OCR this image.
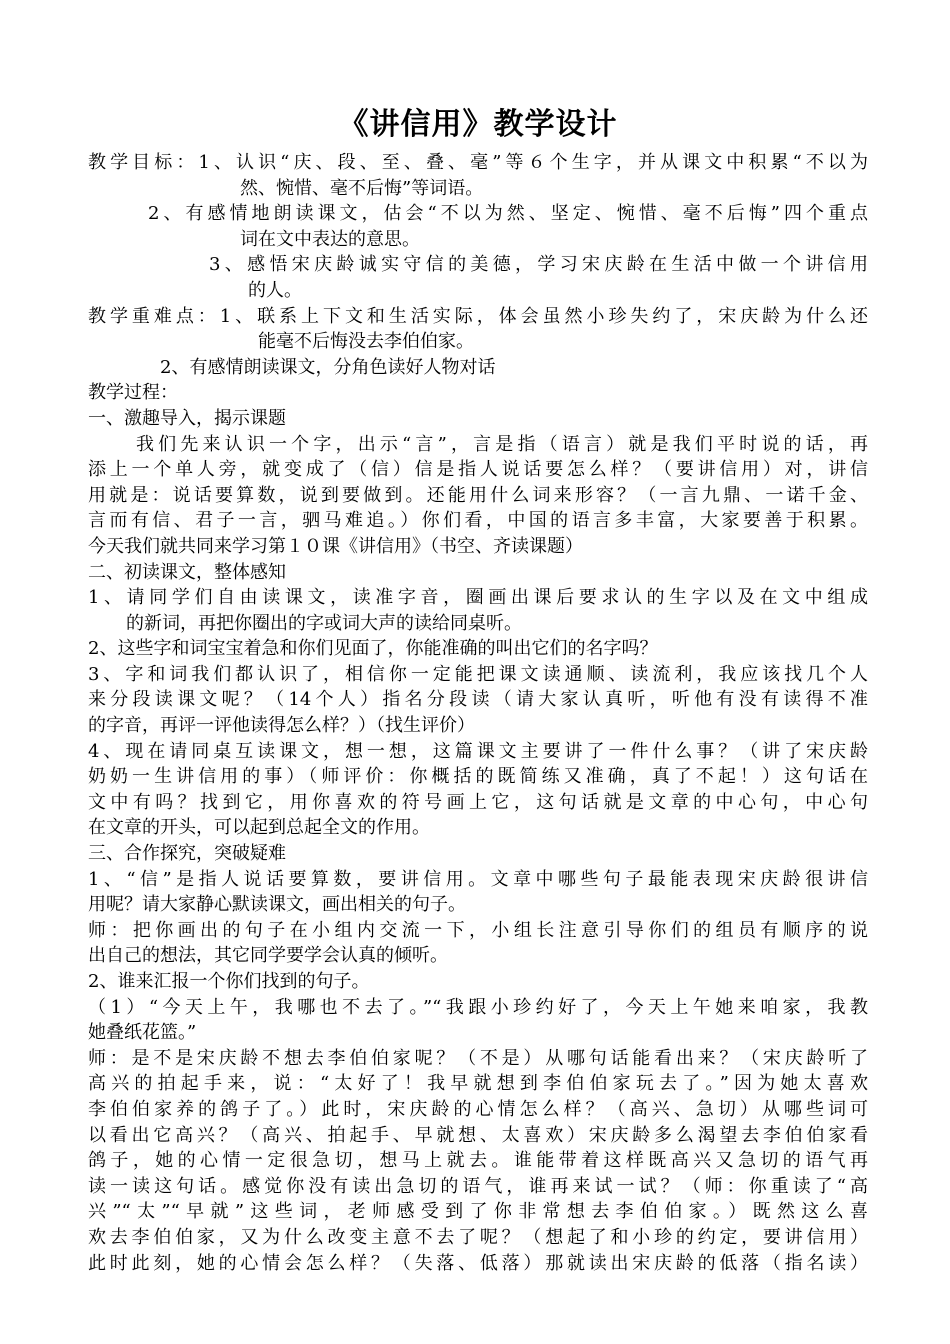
《讲信用》教学设计
教学目标：1、认识“庆、段、至、叠、毫”等６个生字，并从课文中积累“不以为
然、惋惜、毫不后悔”等词语。
2、有感情地朗读课文，估会“不以为然、坚定、惋惜、毫不后悔”四个重点
词在文中表达的意思。
3、感悟宋庆龄诚实守信的美德，学习宋庆龄在生活中做一个讲信用
的人。
教学重难点：1、联系上下文和生活实际，体会虽然小珍失约了，宋庆龄为什么还
能毫不后悔没去李伯伯家。
2、有感情朗读课文，分角色读好人物对话
教学过程：
一、激趣导入，揭示课题
我们先来认识一个字，出示“言”，言是指（语言）就是我们平时说的话，再
添上一个单人旁，就变成了（信）信是指人说话要怎么样？（要讲信用）对，讲信
用就是：说话要算数，说到要做到。还能用什么词来形容？（一言九鼎、一诺千金、
言而有信、君子一言，驷马难追。）你们看，中国的语言多丰富，大家要善于积累。
今天我们就共同来学习第１０课《讲信用》（书空、齐读课题）
二、初读课文，整体感知
1、请同学们自由读课文，读准字音，圈画出课后要求认的生字以及在文中组成
的新词，再把你圈出的字或词大声的读给同桌听。
2、这些字和词宝宝着急和你们见面了，你能准确的叫出它们的名字吗？
3、字和词我们都认识了，相信你一定能把课文读通顺、读流利，我应该找几个人
来分段读课文呢？（14个人）指名分段读（请大家认真听，听他有没有读得不准
的字音，再评一评他读得怎么样？）（找生评价）
4、现在请同桌互读课文，想一想，这篇课文主要讲了一件什么事？（讲了宋庆龄
奶奶一生讲信用的事）（师评价：你概括的既简练又准确，真了不起！）这句话在
文中有吗？找到它，用你喜欢的符号画上它，这句话就是文章的中心句，中心句
在文章的开头，可以起到总起全文的作用。
三、合作探究，突破疑难
1、“信”是指人说话要算数，要讲信用。文章中哪些句子最能表现宋庆龄很讲信
用呢？请大家静心默读课文，画出相关的句子。
师：把你画出的句子在小组内交流一下，小组长注意引导你们的组员有顺序的说
出自己的想法，其它同学要学会认真的倾听。
2、谁来汇报一个你们找到的句子。
（1）“今天上午，我哪也不去了。”“我跟小珍约好了，今天上午她来咱家，我教
她叠纸花篮。”
师：是不是宋庆龄不想去李伯伯家呢？（不是）从哪句话能看出来？（宋庆龄听了
高兴的拍起手来，说：“太好了！我早就想到李伯伯家玩去了。”因为她太喜欢
李伯伯家养的鸽子了。）此时，宋庆龄的心情怎么样？（高兴、急切）从哪些词可
以看出它高兴？（高兴、拍起手、早就想、太喜欢）宋庆龄多么渴望去李伯伯家看
鸽子，她的心情一定很急切，想马上就去。谁能带着这样既高兴又急切的语气再
读一读这句话。感觉你没有读出急切的语气，谁再来试一试？（师：你重读了“高
兴”“太”“早就”这些词，老师感受到了你非常想去李伯伯家。）既然这么喜
欢去李伯伯家，又为什么改变主意不去了呢？（想起了和小珍的约定，要讲信用）
此时此刻，她的心情会怎么样？（失落、低落）那就读出宋庆龄的低落（指名读）
